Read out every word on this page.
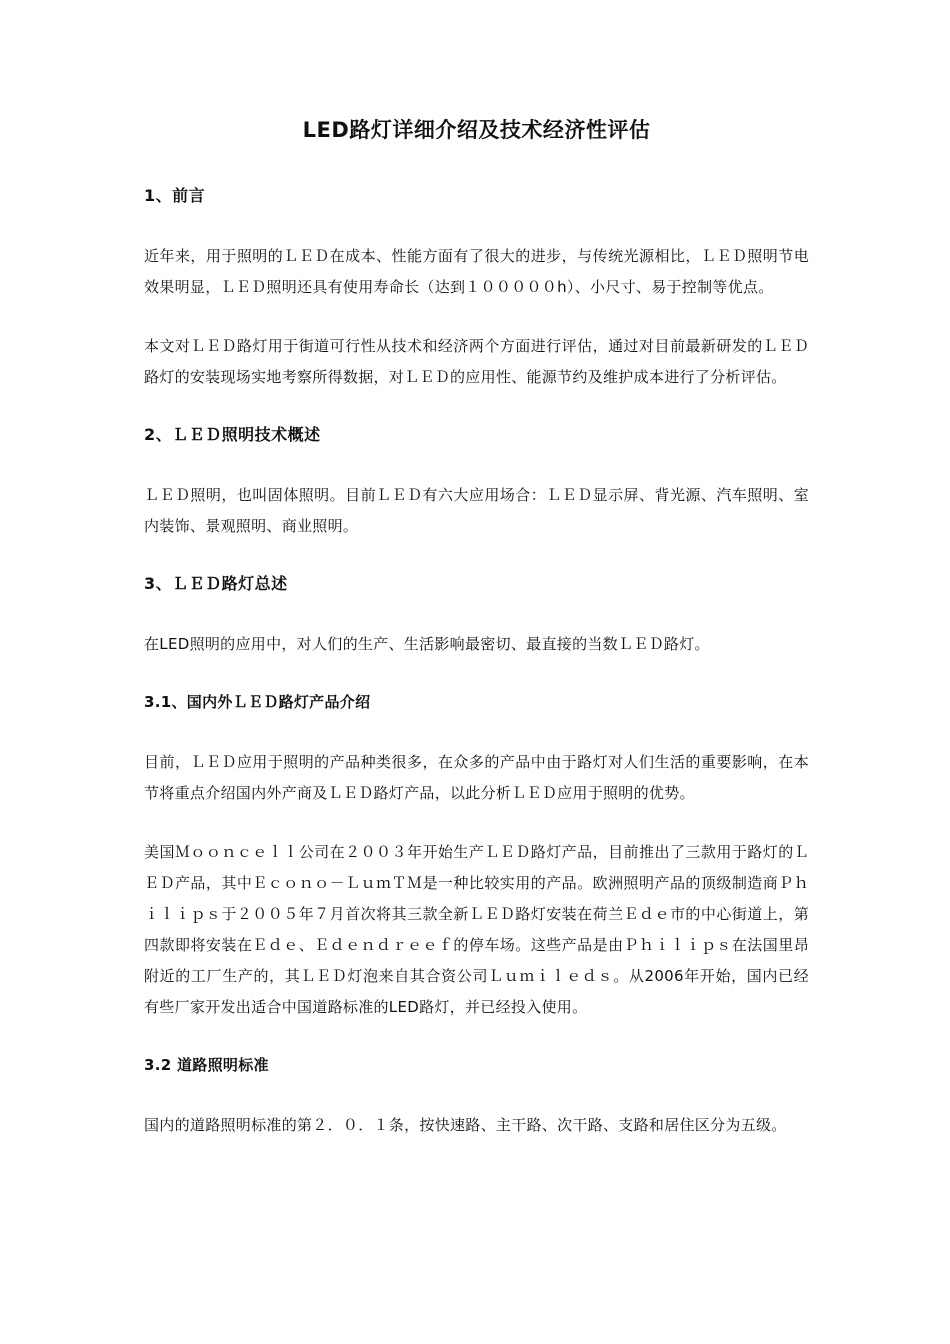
LED路灯详细介绍及技术经济性评估
1、前言

近年来，用于照明的ＬＥＤ在成本、性能方面有了很大的进步，与传统光源相比，ＬＥＤ照明节电效果明显，ＬＥＤ照明还具有使用寿命长（达到１０００００h）、小尺寸、易于控制等优点。

本文对ＬＥＤ路灯用于街道可行性从技术和经济两个方面进行评估，通过对目前最新研发的ＬＥＤ路灯的安装现场实地考察所得数据，对ＬＥＤ的应用性、能源节约及维护成本进行了分析评估。

2、ＬＥＤ照明技术概述

ＬＥＤ照明，也叫固体照明。目前ＬＥＤ有六大应用场合：ＬＥＤ显示屏、背光源、汽车照明、室内装饰、景观照明、商业照明。

3、ＬＥＤ路灯总述

在LED照明的应用中，对人们的生产、生活影响最密切、最直接的当数ＬＥＤ路灯。

3.1、国内外ＬＥＤ路灯产品介绍

目前，ＬＥＤ应用于照明的产品种类很多，在众多的产品中由于路灯对人们生活的重要影响，在本节将重点介绍国内外产商及ＬＥＤ路灯产品，以此分析ＬＥＤ应用于照明的优势。

美国Ｍｏｏｎｃｅｌｌ公司在２００３年开始生产ＬＥＤ路灯产品，目前推出了三款用于路灯的ＬＥＤ产品，其中Ｅｃｏｎｏ－ＬｕｍＴＭ是一种比较实用的产品。欧洲照明产品的顶级制造商Ｐｈｉｌｉｐｓ于２００５年７月首次将其三款全新ＬＥＤ路灯安装在荷兰Ｅｄｅ市的中心街道上，第四款即将安装在Ｅｄｅ、Ｅｄｅｎｄｒｅｅｆ的停车场。这些产品是由Ｐｈｉｌｉｐｓ在法国里昂附近的工厂生产的，其ＬＥＤ灯泡来自其合资公司Ｌｕｍｉｌｅｄｓ。从2006年开始，国内已经有些厂家开发出适合中国道路标准的LED路灯，并已经投入使用。

3.2 道路照明标准

国内的道路照明标准的第２．０．１条，按快速路、主干路、次干路、支路和居住区分为五级。
